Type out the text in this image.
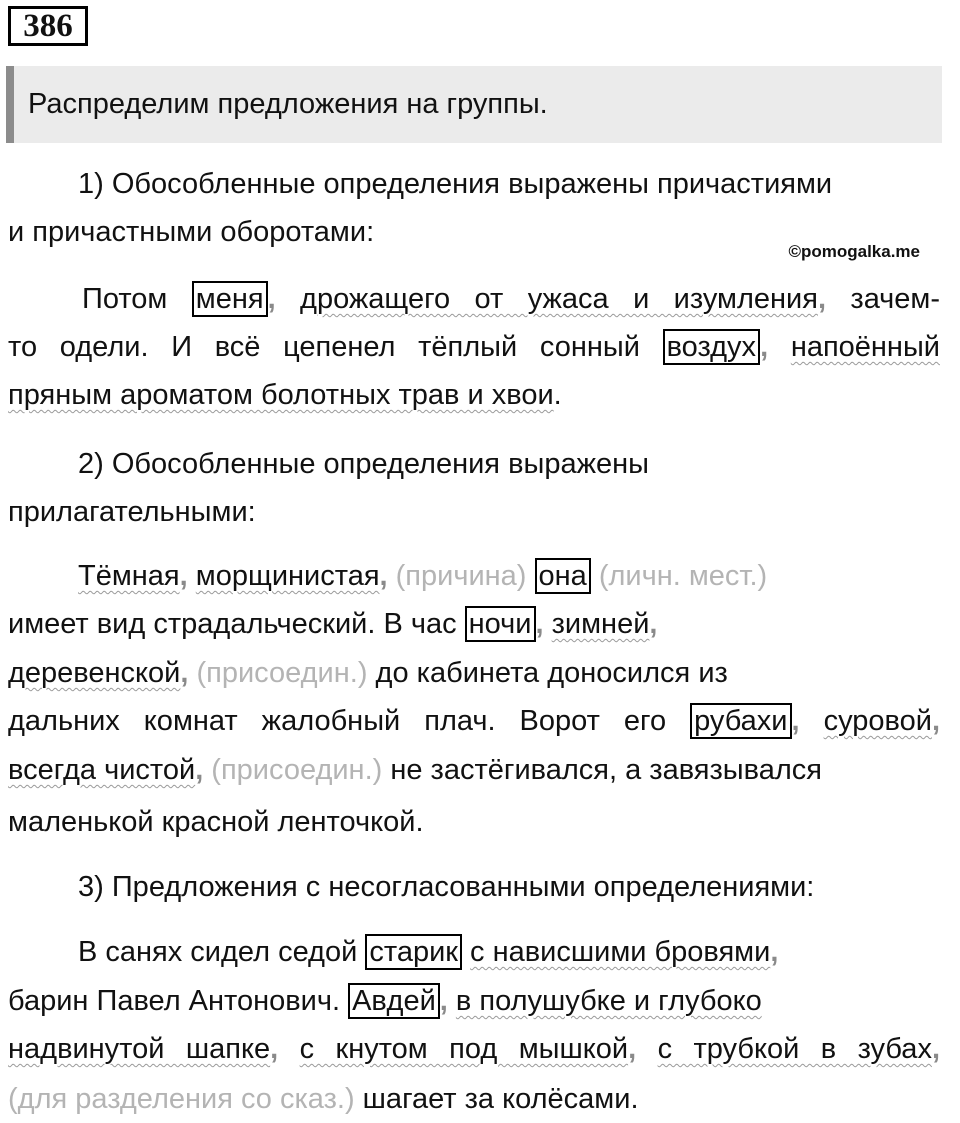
386
Распределим предложения на группы.
1) Обособленные определения выражены причастиями
и причастными оборотами:
©pomogalka.me
Потом меня , дрожащего от ужаса и изумления, зачем-
то одели. И всё цепенел тёплый сонный воздух , напоённый
пряным ароматом болотных трав и хвои.
2) Обособленные определения выражены
прилагательными:
Тёмная, морщинистая, (причина) она (личн. мест.)
имеет вид страдальческий. В час ночи , зимней,
деревенской, (присоедин.) до кабинета доносился из
дальних комнат жалобный плач. Ворот его рубахи , суровой,
всегда чистой, (присоедин.) не застёгивался, а завязывался
маленькой красной ленточкой.
3) Предложения с несогласованными определениями:
В санях сидел седой старик с нависшими бровями,
барин Павел Антонович. Авдей , в полушубке и глубоко
надвинутой шапке, с кнутом под мышкой, с трубкой в зубах,
(для разделения со сказ.) шагает за колёсами.
